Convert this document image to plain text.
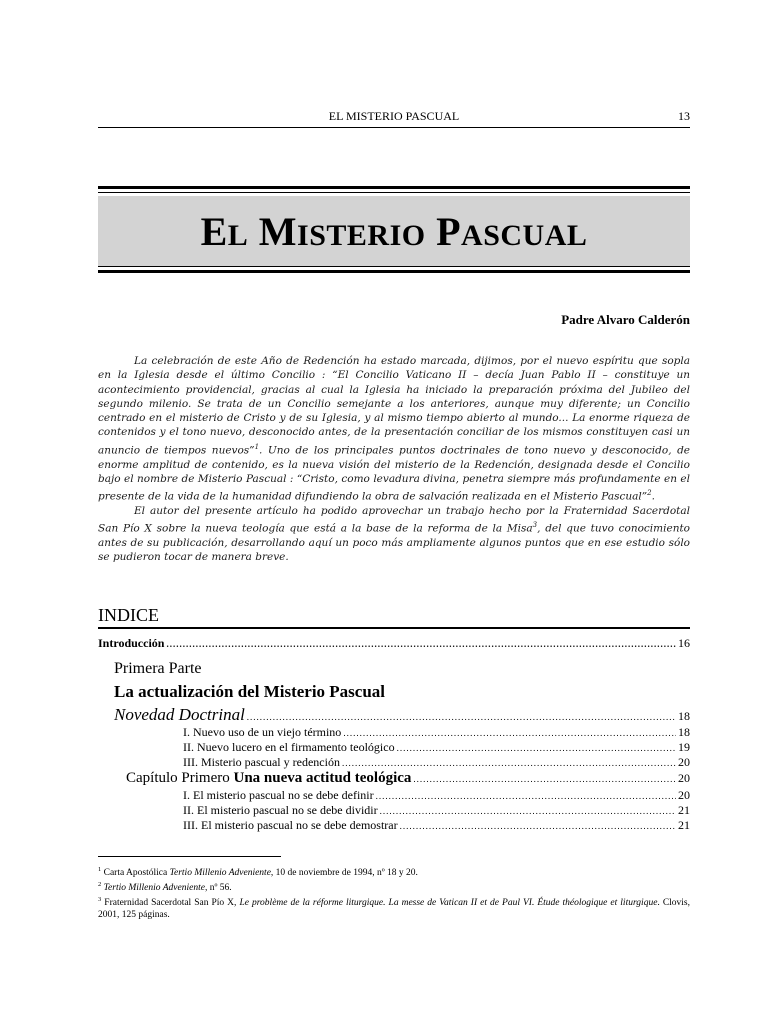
EL MISTERIO PASCUAL	13
EL MISTERIO PASCUAL
Padre Alvaro Calderón

La celebración de este Año de Redención ha estado marcada, dijimos, por el nuevo espíritu que sopla en la Iglesia desde el último Concilio : “El Concilio Vaticano II – decía Juan Pablo II – constituye un acontecimiento providencial, gracias al cual la Iglesia ha iniciado la preparación próxima del Jubileo del segundo milenio. Se trata de un Concilio semejante a los anteriores, aunque muy diferente; un Concilio centrado en el misterio de Cristo y de su Iglesia, y al mismo tiempo abierto al mundo... La enorme riqueza de contenidos y el tono nuevo, desconocido antes, de la presentación conciliar de los mismos constituyen casi un anuncio de tiempos nuevos”$^1$. Uno de los principales puntos doctrinales de tono nuevo y desconocido, de enorme amplitud de contenido, es la nueva visión del misterio de la Redención, designada desde el Concilio bajo el nombre de Misterio Pascual : “Cristo, como levadura divina, penetra siempre más profundamente en el presente de la vida de la humanidad difundiendo la obra de salvación realizada en el Misterio Pascual”$^2$.

El autor del presente artículo ha podido aprovechar un trabajo hecho por la Fraternidad Sacerdotal San Pío X sobre la nueva teología que está a la base de la reforma de la Misa$^3$, del que tuvo conocimiento antes de su publicación, desarrollando aquí un poco más ampliamente algunos puntos que en ese estudio sólo se pudieron tocar de manera breve.

INDICE
Introducción .....	16
Primera Parte
La actualización del Misterio Pascual
Novedad Doctrinal .....	18
I. Nuevo uso de un viejo término .....	18
II. Nuevo lucero en el firmamento teológico .....	19
III. Misterio pascual y redención .....	20
Capítulo Primero Una nueva actitud teológica .....	20
I. El misterio pascual no se debe definir .....	20
II. El misterio pascual no se debe dividir .....	21
III. El misterio pascual no se debe demostrar .....	21

$^1$ Carta Apostólica Tertio Millenio Adveniente, 10 de noviembre de 1994, nº 18 y 20.

$^2$ Tertio Millenio Adveniente, nº 56.

$^3$ Fraternidad Sacerdotal San Pío X, Le problème de la réforme liturgique. La messe de Vatican II et de Paul VI. Étude théologique et liturgique. Clovis, 2001, 125 páginas.
